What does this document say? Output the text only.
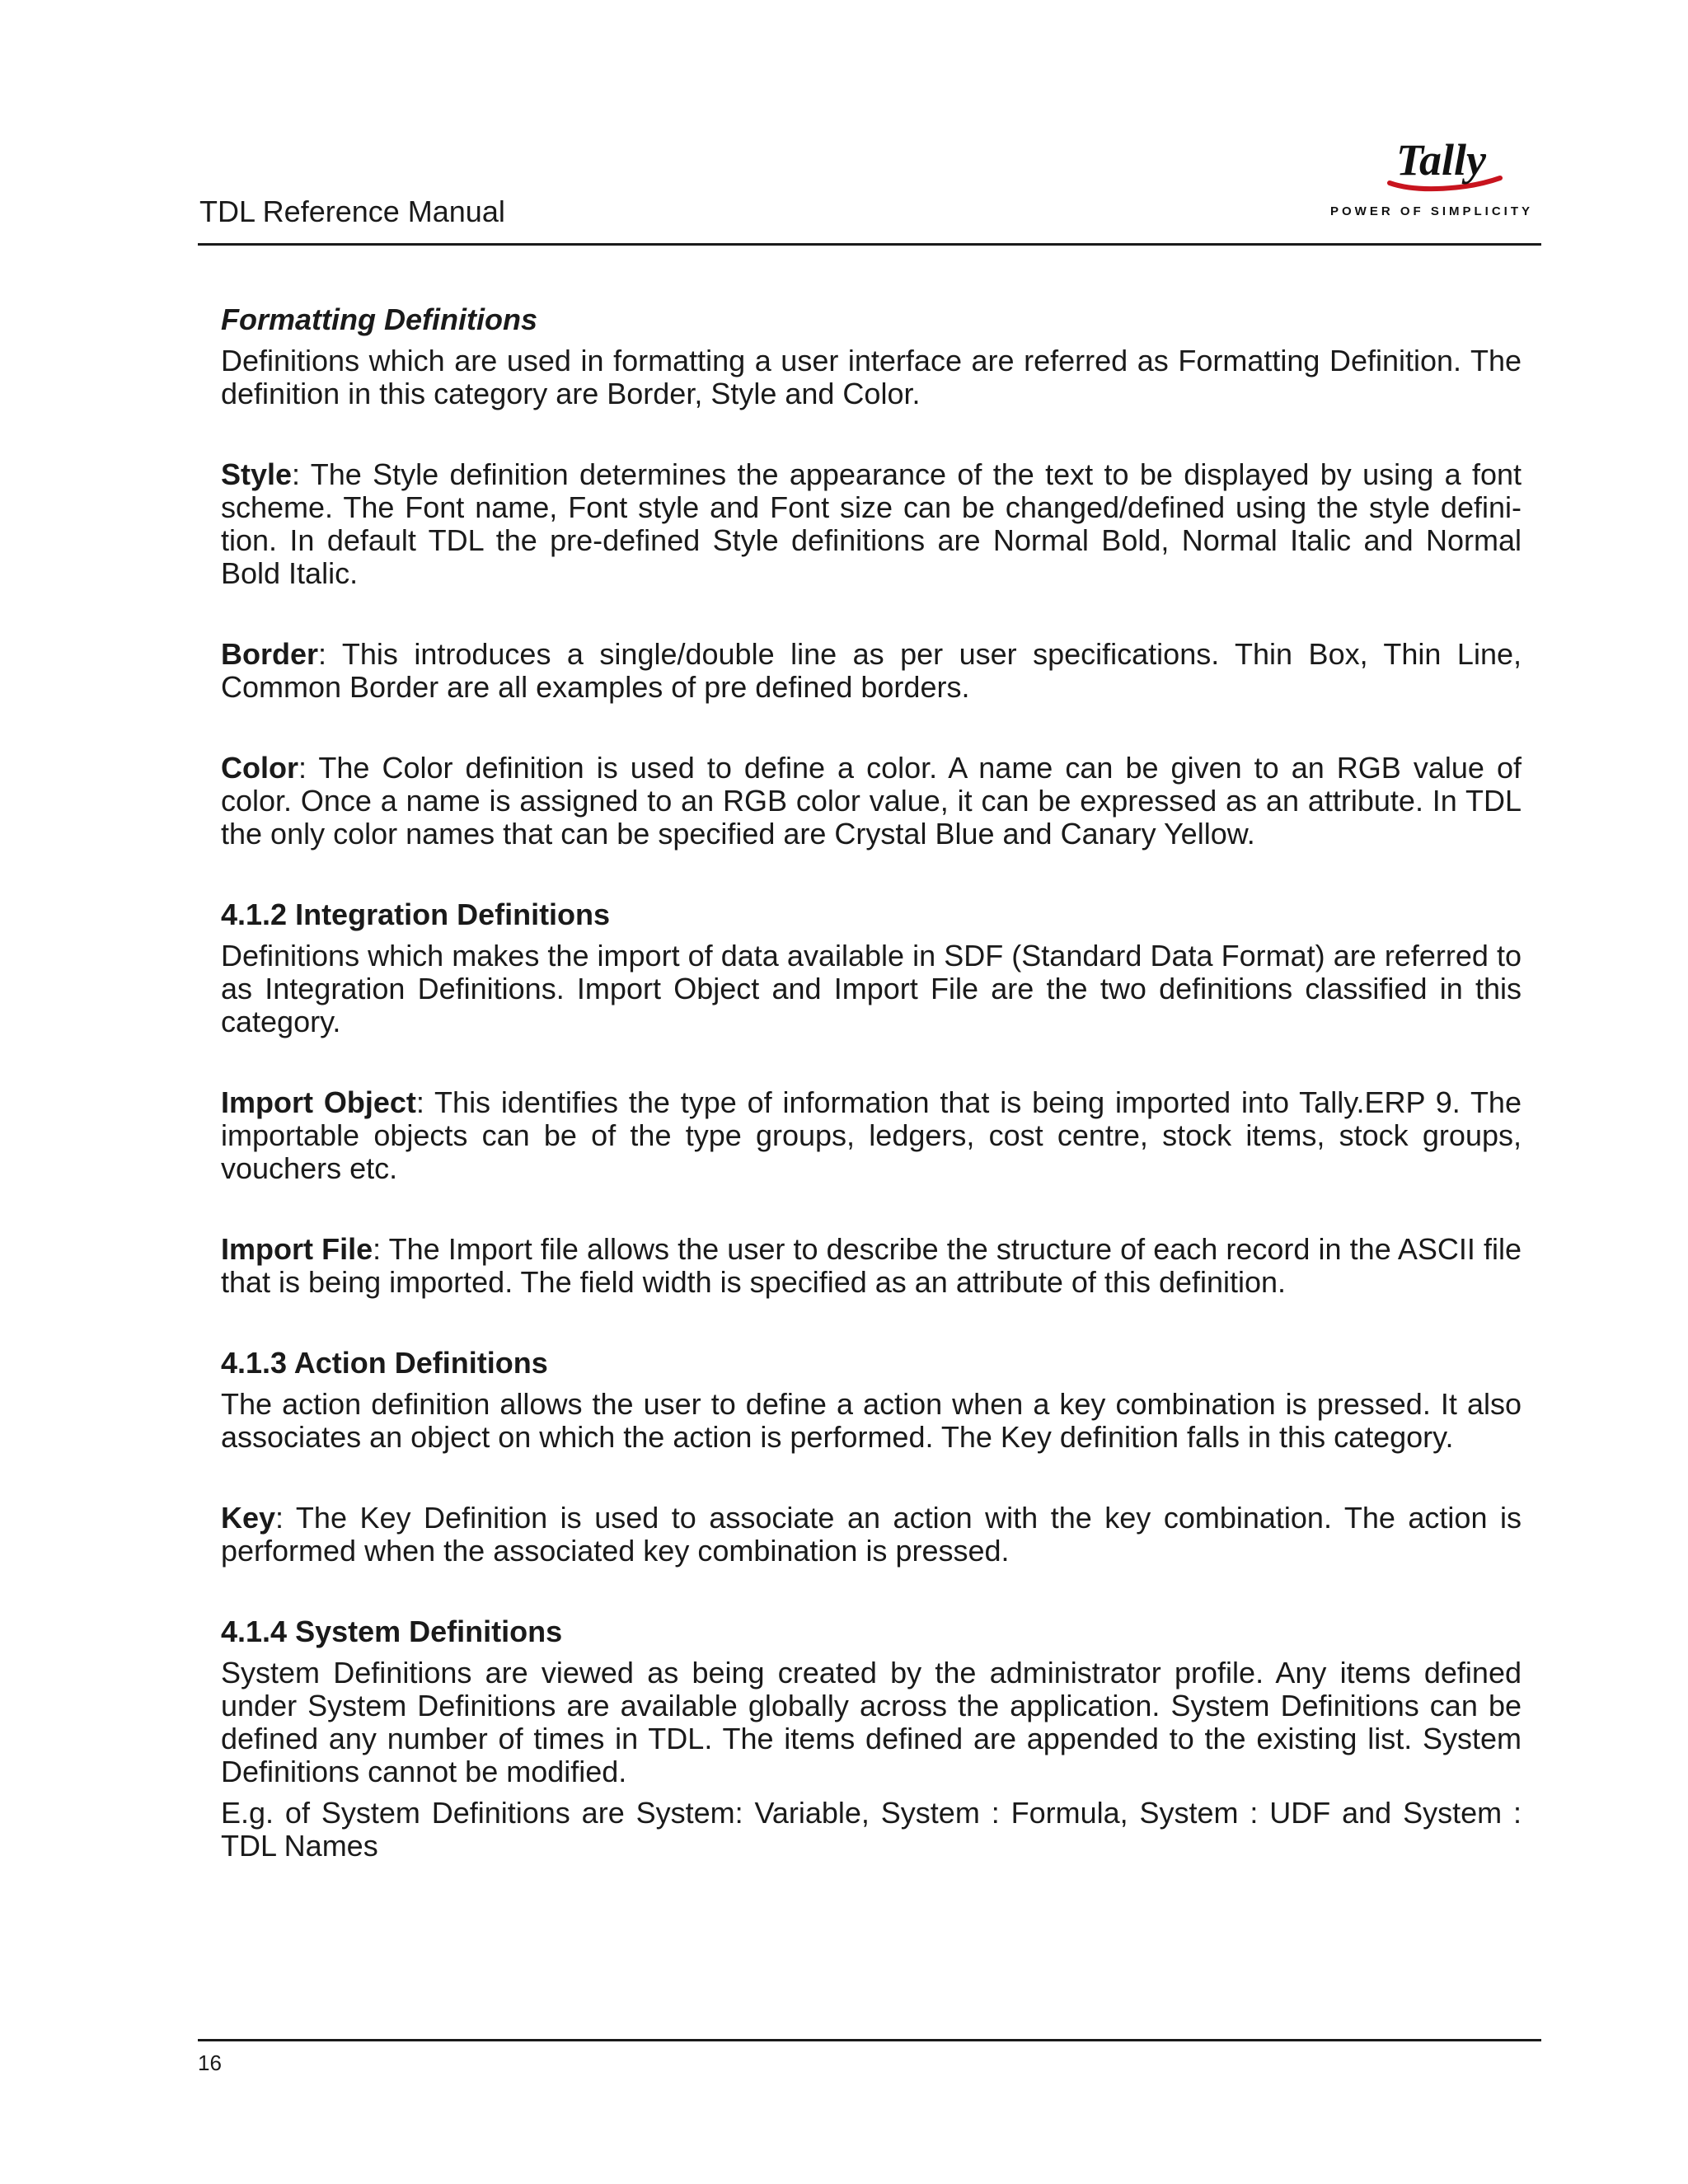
TDL Reference Manual
Tally
POWER OF SIMPLICITY
Formatting Definitions

Definitions which are used in formatting a user interface are referred as Formatting Definition. The definition in this category are Border, Style and Color.

Style: The Style definition determines the appearance of the text to be displayed by using a font scheme. The Font name, Font style and Font size can be changed/defined using the style defini- tion. In default TDL the pre-defined Style definitions are Normal Bold, Normal Italic and Normal Bold Italic.

Border: This introduces a single/double line as per user specifications. Thin Box, Thin Line, Common Border are all examples of pre defined borders.

Color: The Color definition is used to define a color. A name can be given to an RGB value of color. Once a name is assigned to an RGB color value, it can be expressed as an attribute. In TDL the only color names that can be specified are Crystal Blue and Canary Yellow.

4.1.2 Integration Definitions

Definitions which makes the import of data available in SDF (Standard Data Format) are referred to as Integration Definitions. Import Object and Import File are the two definitions classified in this category.

Import Object: This identifies the type of information that is being imported into Tally.ERP 9. The importable objects can be of the type groups, ledgers, cost centre, stock items, stock groups, vouchers etc.

Import File: The Import file allows the user to describe the structure of each record in the ASCII file that is being imported. The field width is specified as an attribute of this definition.

4.1.3 Action Definitions

The action definition allows the user to define a action when a key combination is pressed. It also associates an object on which the action is performed. The Key definition falls in this category.

Key: The Key Definition is used to associate an action with the key combination. The action is performed when the associated key combination is pressed.

4.1.4 System Definitions

System Definitions are viewed as being created by the administrator profile. Any items defined under System Definitions are available globally across the application. System Definitions can be defined any number of times in TDL. The items defined are appended to the existing list. System Definitions cannot be modified.

E.g. of System Definitions are System: Variable, System : Formula, System : UDF and System : TDL Names

16
